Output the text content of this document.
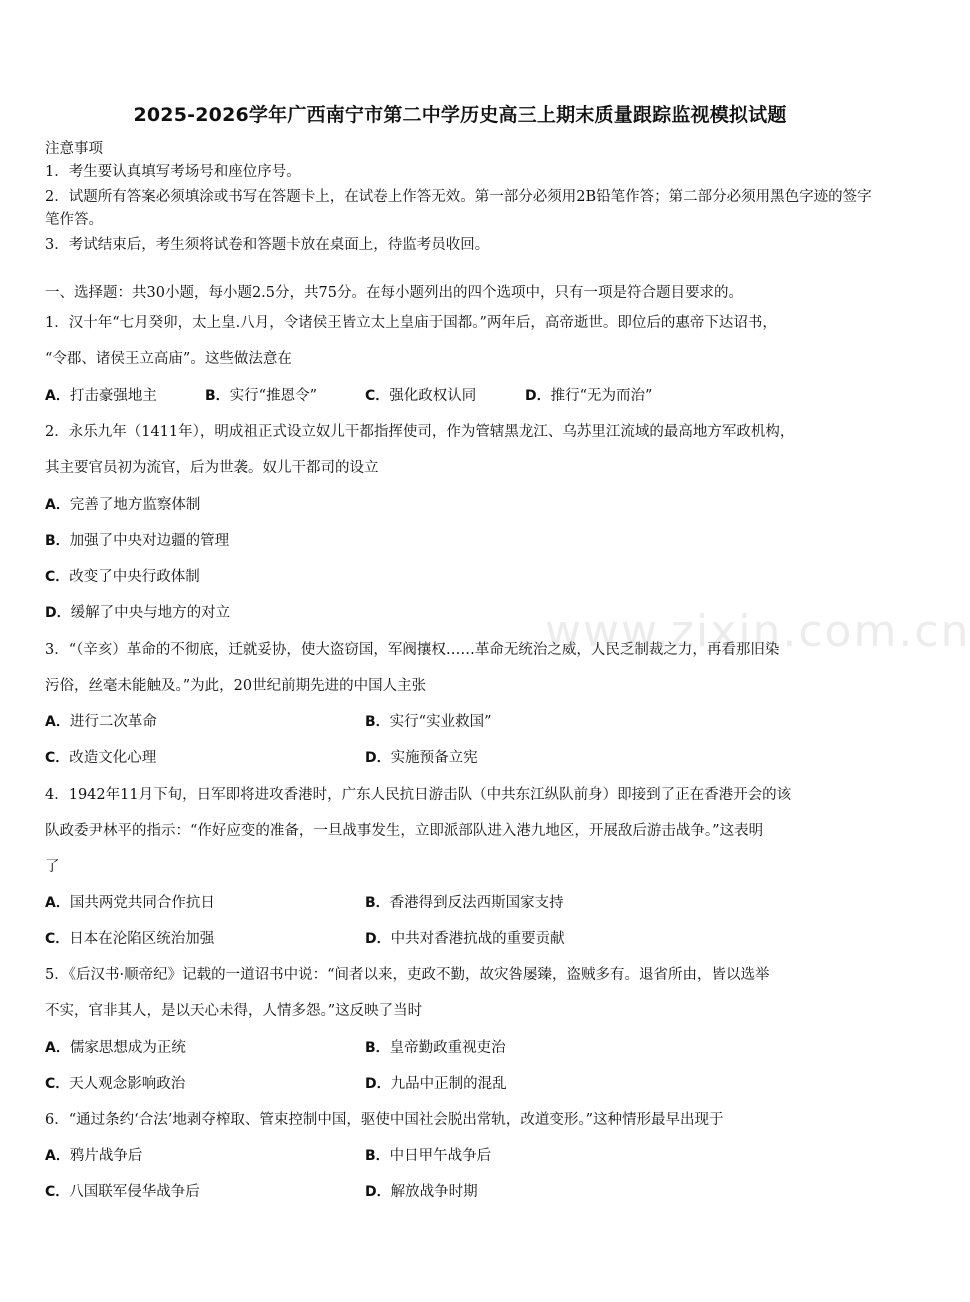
2025-2026学年广西南宁市第二中学历史高三上期末质量跟踪监视模拟试题
注意事项
1．考生要认真填写考场号和座位序号。
2．试题所有答案必须填涂或书写在答题卡上，在试卷上作答无效。第一部分必须用2B铅笔作答；第二部分必须用黑色字迹的签字笔作答。
3．考试结束后，考生须将试卷和答题卡放在桌面上，待监考员收回。
一、选择题：共30小题，每小题2.5分，共75分。在每小题列出的四个选项中，只有一项是符合题目要求的。
1．汉十年“七月癸卯，太上皇.八月，令诸侯王皆立太上皇庙于国都。”两年后，高帝逝世。即位后的惠帝下达诏书，
“令郡、诸侯王立高庙”。这些做法意在
A．打击豪强地主	B．实行“推恩令”	C．强化政权认同	D．推行“无为而治”
2．永乐九年（1411年），明成祖正式设立奴儿干都指挥使司，作为管辖黑龙江、乌苏里江流域的最高地方军政机构，
其主要官员初为流官，后为世袭。奴儿干都司的设立
A．完善了地方监察体制
B．加强了中央对边疆的管理
C．改变了中央行政体制
D．缓解了中央与地方的对立
3．“（辛亥）革命的不彻底，迁就妥协，使大盗窃国，军阀攘权……革命无统治之威，人民乏制裁之力，再看那旧染
污俗，丝毫未能触及。”为此，20世纪前期先进的中国人主张
A．进行二次革命	B．实行“实业救国”
C．改造文化心理	D．实施预备立宪
4．1942年11月下旬，日军即将进攻香港时，广东人民抗日游击队（中共东江纵队前身）即接到了正在香港开会的该
队政委尹林平的指示：“作好应变的准备，一旦战事发生，立即派部队进入港九地区，开展敌后游击战争。”这表明
了
A．国共两党共同合作抗日	B．香港得到反法西斯国家支持
C．日本在沦陷区统治加强	D．中共对香港抗战的重要贡献
5．《后汉书·顺帝纪》记载的一道诏书中说：“间者以来，吏政不勤，故灾咎屡臻，盗贼多有。退省所由，皆以选举
不实，官非其人，是以天心未得，人情多怨。”这反映了当时
A．儒家思想成为正统	B．皇帝勤政重视吏治
C．天人观念影响政治	D．九品中正制的混乱
6．“通过条约‘合法’地剥夺榨取、管束控制中国，驱使中国社会脱出常轨，改道变形。”这种情形最早出现于
A．鸦片战争后	B．中日甲午战争后
C．八国联军侵华战争后	D．解放战争时期
www.zixin.com.cn
